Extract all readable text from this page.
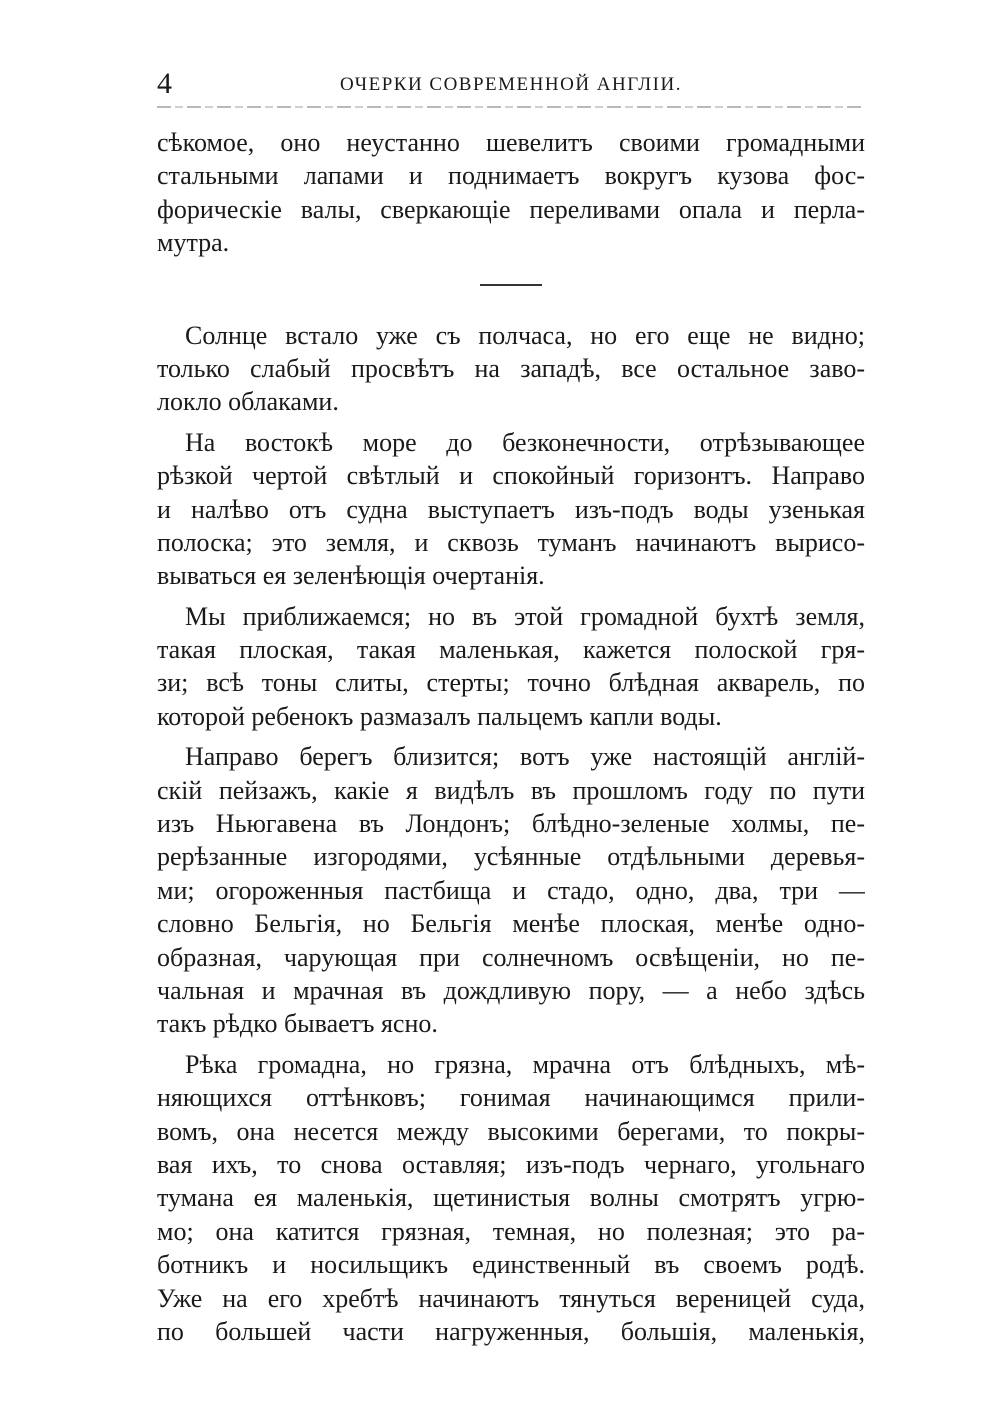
4	ОЧЕРКИ СОВРЕМЕННОЙ АНГЛІИ.
сѣкомое, оно неустанно шевелитъ своими громадными
стальными лапами и поднимаетъ вокругъ кузова фос-
форическіе валы, сверкающіе переливами опала и перла-
мутра.
Солнце встало уже съ полчаса, но его еще не видно;
только слабый просвѣтъ на западѣ, все остальное заво-
локло облаками.
На востокѣ море до безконечности, отрѣзывающее
рѣзкой чертой свѣтлый и спокойный горизонтъ. Направо
и налѣво отъ судна выступаетъ изъ-подъ воды узенькая
полоска; это земля, и сквозь туманъ начинаютъ вырисо-
вываться ея зеленѣющія очертанія.
Мы приближаемся; но въ этой громадной бухтѣ земля,
такая плоская, такая маленькая, кажется полоской гря-
зи; всѣ тоны слиты, стерты; точно блѣдная акварель, по
которой ребенокъ размазалъ пальцемъ капли воды.
Направо берегъ близится; вотъ уже настоящій англій-
скій пейзажъ, какіе я видѣлъ въ прошломъ году по пути
изъ Ньюгавена въ Лондонъ; блѣдно-зеленые холмы, пе-
рерѣзанные изгородями, усѣянные отдѣльными деревья-
ми; огороженныя пастбища и стадо, одно, два, три —
словно Бельгія, но Бельгія менѣе плоская, менѣе одно-
образная, чарующая при солнечномъ освѣщеніи, но пе-
чальная и мрачная въ дождливую пору, — а небо здѣсь
такъ рѣдко бываетъ ясно.
Рѣка громадна, но грязна, мрачна отъ блѣдныхъ, мѣ-
няющихся оттѣнковъ; гонимая начинающимся прили-
вомъ, она несется между высокими берегами, то покры-
вая ихъ, то снова оставляя; изъ-подъ чернаго, угольнаго
тумана ея маленькія, щетинистыя волны смотрятъ угрю-
мо; она катится грязная, темная, но полезная; это ра-
ботникъ и носильщикъ единственный въ своемъ родѣ.
Уже на его хребтѣ начинаютъ тянуться вереницей суда,
по большей части нагруженныя, большія, маленькія,
